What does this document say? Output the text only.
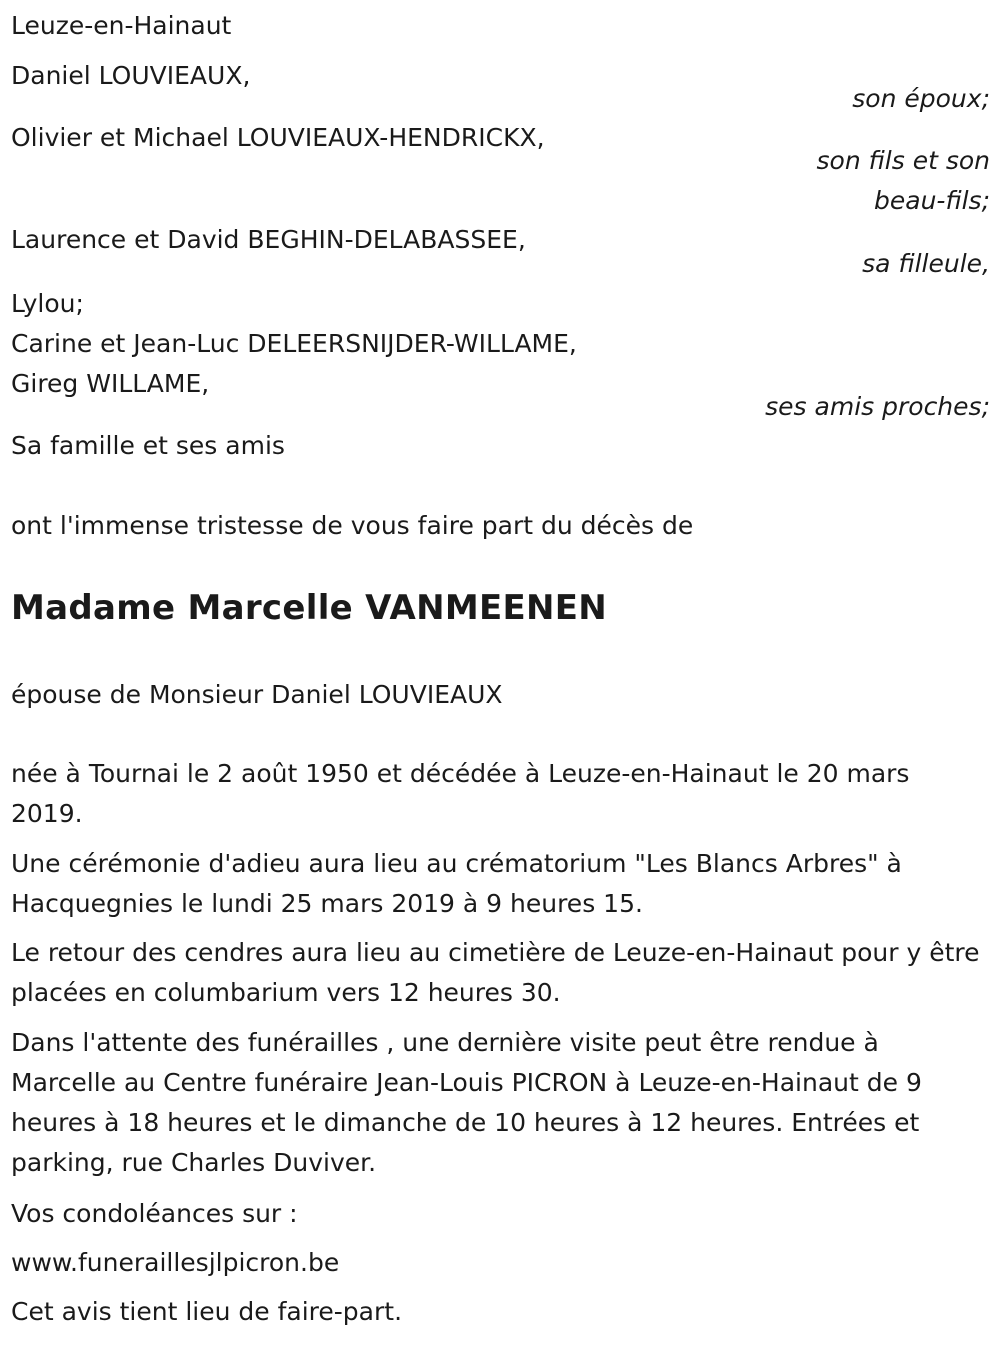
Leuze-en-Hainaut
Daniel LOUVIEAUX,
son époux;
Olivier et Michael LOUVIEAUX-HENDRICKX,
son fils et son
beau-fils;
Laurence et David BEGHIN-DELABASSEE,
sa filleule,
Lylou;
Carine et Jean-Luc DELEERSNIJDER-WILLAME,
Gireg WILLAME,
ses amis proches;
Sa famille et ses amis
ont l'immense tristesse de vous faire part du décès de
Madame Marcelle VANMEENEN
épouse de Monsieur Daniel LOUVIEAUX
née à Tournai le 2 août 1950 et décédée à Leuze-en-Hainaut le 20 mars 2019.
Une cérémonie d'adieu aura lieu au crématorium "Les Blancs Arbres" à Hacquegnies le lundi 25 mars 2019 à 9 heures 15.
Le retour des cendres aura lieu au cimetière de Leuze-en-Hainaut pour y être placées en columbarium vers 12 heures 30.
Dans l'attente des funérailles , une dernière visite peut être rendue à Marcelle au Centre funéraire Jean-Louis PICRON à Leuze-en-Hainaut de 9 heures à 18 heures et le dimanche de 10 heures à 12 heures. Entrées et parking, rue Charles Duviver.
Vos condoléances sur :
www.funeraillesjlpicron.be
Cet avis tient lieu de faire-part.
